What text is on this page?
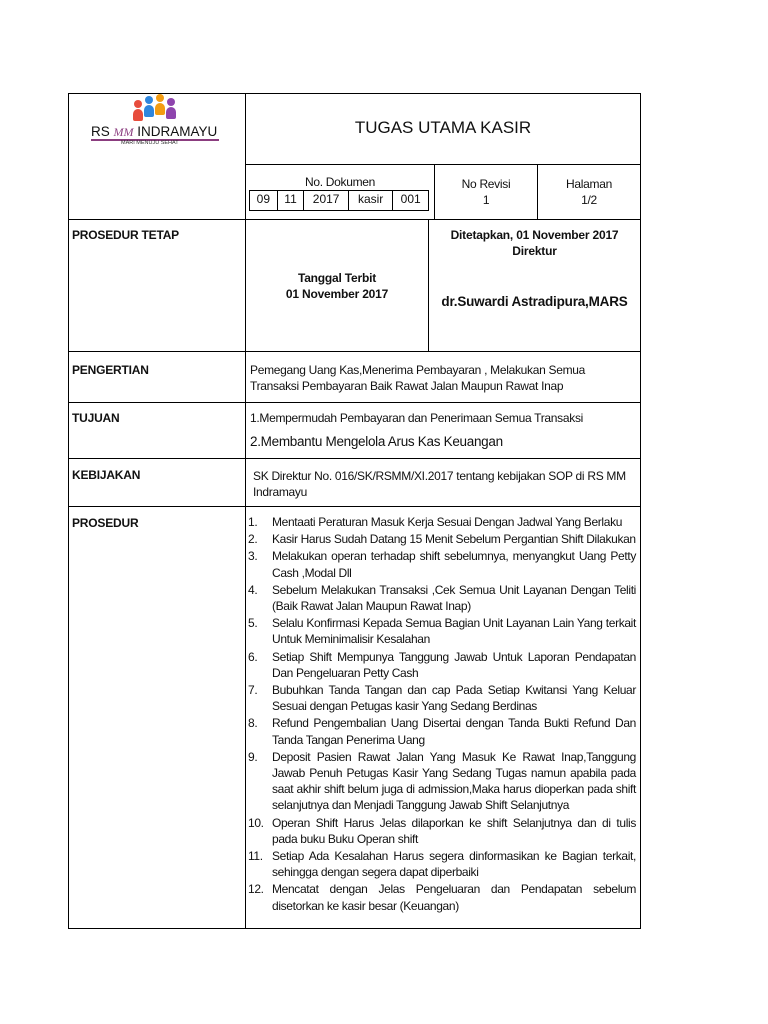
RS MM INDRAMAYU
MARI MENUJU SEHAT
TUGAS UTAMA KASIR
No. Dokumen
09	11	2017	kasir	001
No Revisi
1
Halaman
1/2
PROSEDUR TETAP
Tanggal Terbit
01 November 2017
Ditetapkan, 01 November 2017
Direktur
dr.Suwardi Astradipura,MARS
PENGERTIAN	Pemegang Uang Kas,Menerima Pembayaran , Melakukan Semua Transaksi Pembayaran Baik Rawat Jalan Maupun Rawat Inap
TUJUAN	1.Mempermudah Pembayaran dan Penerimaan Semua Transaksi
2.Membantu Mengelola Arus Kas Keuangan
KEBIJAKAN	SK Direktur No. 016/SK/RSMM/XI.2017 tentang kebijakan SOP di RS MM Indramayu
PROSEDUR	1. Mentaati Peraturan Masuk Kerja Sesuai Dengan Jadwal Yang Berlaku
2. Kasir Harus Sudah Datang 15 Menit Sebelum Pergantian Shift Dilakukan
3. Melakukan operan terhadap shift sebelumnya, menyangkut Uang Petty Cash ,Modal Dll
4. Sebelum Melakukan Transaksi ,Cek Semua Unit Layanan Dengan Teliti (Baik Rawat Jalan Maupun Rawat Inap)
5. Selalu Konfirmasi Kepada Semua Bagian Unit Layanan Lain Yang terkait Untuk Meminimalisir Kesalahan
6. Setiap Shift Mempunya Tanggung Jawab Untuk Laporan Pendapatan Dan Pengeluaran Petty Cash
7. Bubuhkan Tanda Tangan dan cap Pada Setiap Kwitansi Yang Keluar Sesuai dengan Petugas kasir Yang Sedang Berdinas
8. Refund Pengembalian Uang Disertai dengan Tanda Bukti Refund Dan Tanda Tangan Penerima Uang
9. Deposit Pasien Rawat Jalan Yang Masuk Ke Rawat Inap,Tanggung Jawab Penuh Petugas Kasir Yang Sedang Tugas namun apabila pada saat akhir shift belum juga di admission,Maka harus dioperkan pada shift selanjutnya dan Menjadi Tanggung Jawab Shift Selanjutnya
10. Operan Shift Harus Jelas dilaporkan ke shift Selanjutnya dan di tulis pada buku Buku Operan shift
11. Setiap Ada Kesalahan Harus segera dinformasikan ke Bagian terkait, sehingga dengan segera dapat diperbaiki
12. Mencatat dengan Jelas Pengeluaran dan Pendapatan sebelum disetorkan ke kasir besar (Keuangan)
